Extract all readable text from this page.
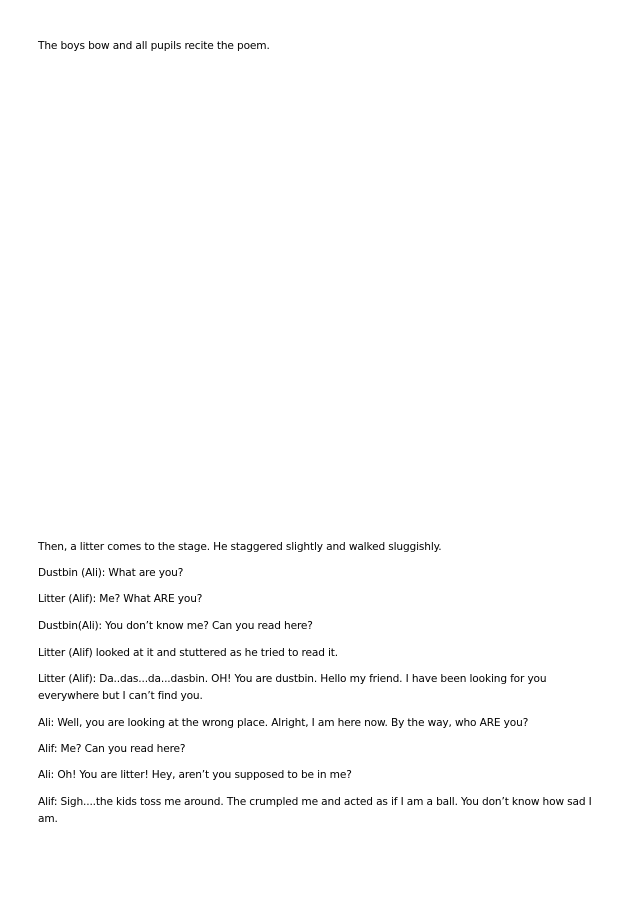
The boys bow and all pupils recite the poem.
Then, a litter comes to the stage. He staggered slightly and walked sluggishly.
Dustbin (Ali): What are you?
Litter (Alif): Me? What ARE you?
Dustbin(Ali): You don’t know me? Can you read here?
Litter (Alif) looked at it and stuttered as he tried to read it.
Litter (Alif): Da..das...da...dasbin. OH! You are dustbin. Hello my friend. I have been looking for you everywhere but I can’t find you.
Ali: Well, you are looking at the wrong place. Alright, I am here now. By the way, who ARE you?
Alif: Me? Can you read here?
Ali: Oh! You are litter! Hey, aren’t you supposed to be in me?
Alif: Sigh....the kids toss me around. The crumpled me and acted as if I am a ball. You don’t know how sad I am.
